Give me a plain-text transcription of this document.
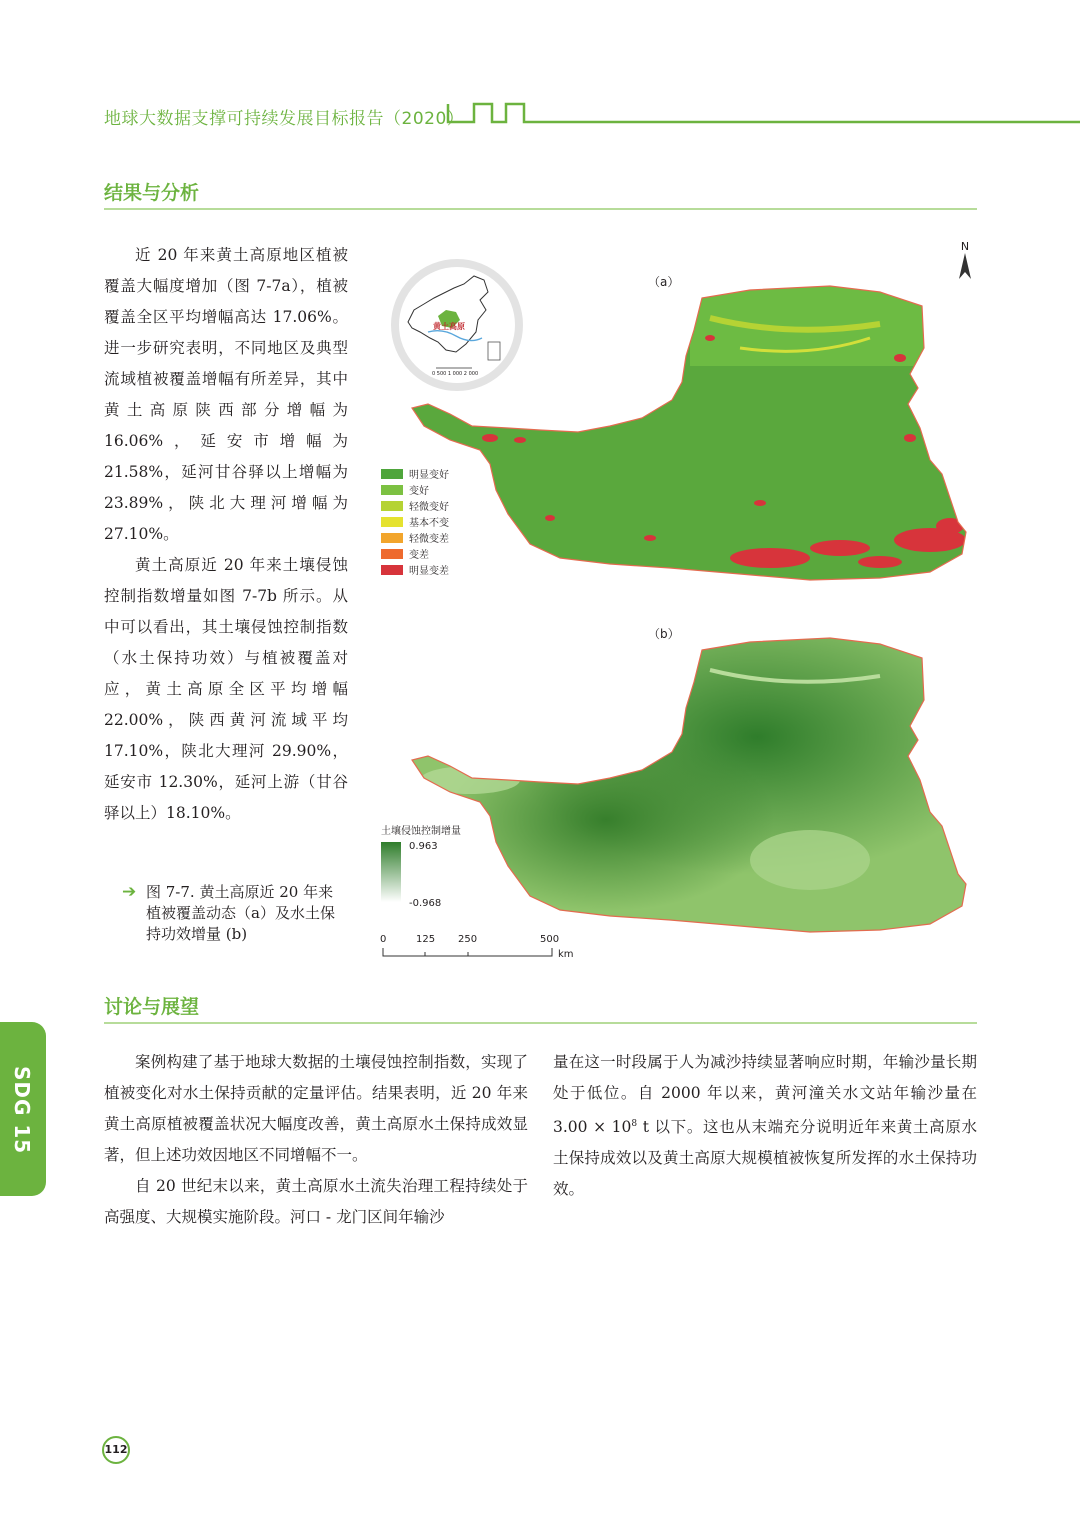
地球大数据支撑可持续发展目标报告（2020）
结果与分析

近 20 年来黄土高原地区植被覆盖大幅度增加（图 7-7a），植被覆盖全区平均增幅高达 17.06%。进一步研究表明，不同地区及典型流域植被覆盖增幅有所差异，其中黄土高原陕西部分增幅为 16.06%，延安市增幅为 21.58%，延河甘谷驿以上增幅为 23.89%，陕北大理河增幅为 27.10%。

黄土高原近 20 年来土壤侵蚀控制指数增量如图 7-7b 所示。从中可以看出，其土壤侵蚀控制指数（水土保持功效）与植被覆盖对应，黄土高原全区平均增幅 22.00%，陕西黄河流域平均 17.10%，陕北大理河 29.90%，延安市 12.30%，延河上游（甘谷驿以上）18.10%。

➔ 图 7-7. 黄土高原近 20 年来植被覆盖动态（a）及水土保持功效增量 (b)
（a）
N
黄土高原
0 500 1 000 2 000
明显变好
变好
轻微变好
基本不变
轻微变差
变差
明显变差
（b）
土壤侵蚀控制增量
0.963
-0.968
0	125 250	500
km
讨论与展望

案例构建了基于地球大数据的土壤侵蚀控制指数，实现了植被变化对水土保持贡献的定量评估。结果表明，近 20 年来黄土高原植被覆盖状况大幅度改善，黄土高原水土保持成效显著，但上述功效因地区不同增幅不一。

自 20 世纪末以来，黄土高原水土流失治理工程持续处于高强度、大规模实施阶段。河口 - 龙门区间年输沙

量在这一时段属于人为减沙持续显著响应时期，年输沙量长期处于低位。自 2000 年以来，黄河潼关水文站年输沙量在 $3.00 \times 10^8$ t 以下。这也从末端充分说明近年来黄土高原水土保持成效以及黄土高原大规模植被恢复所发挥的水土保持功效。
SDG 15
112
